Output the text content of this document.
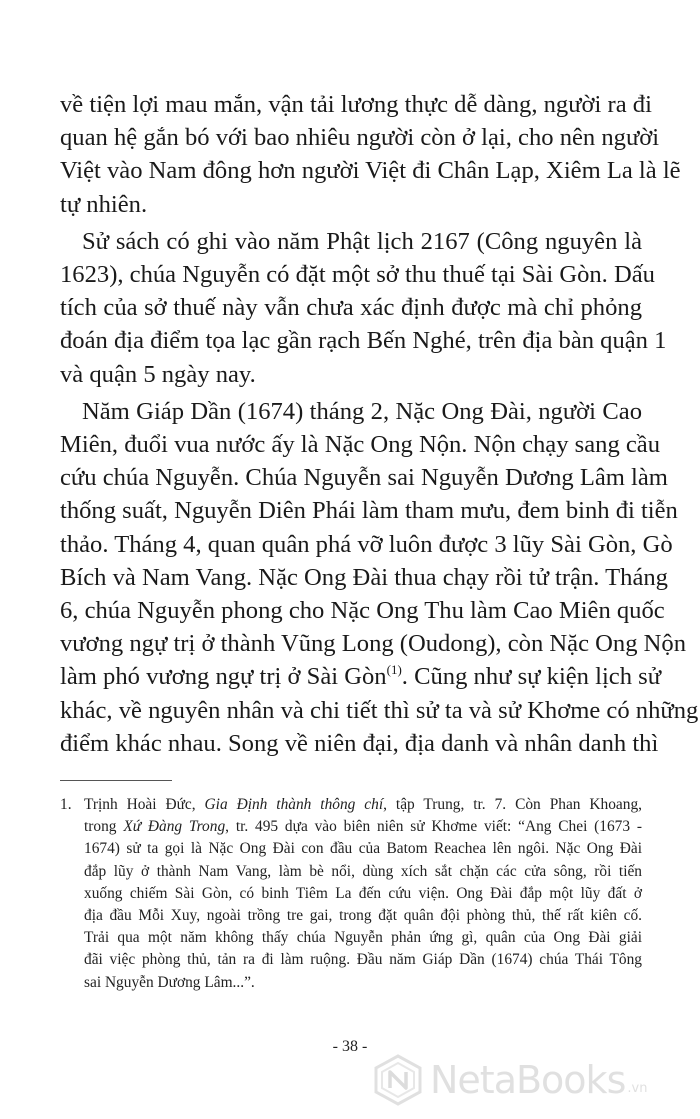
về tiện lợi mau mắn, vận tải lương thực dễ dàng, người ra đi
quan hệ gắn bó với bao nhiêu người còn ở lại, cho nên người
Việt vào Nam đông hơn người Việt đi Chân Lạp, Xiêm La là lẽ
tự nhiên.
Sử sách có ghi vào năm Phật lịch 2167 (Công nguyên là
1623), chúa Nguyễn có đặt một sở thu thuế tại Sài Gòn. Dấu
tích của sở thuế này vẫn chưa xác định được mà chỉ phỏng
đoán địa điểm tọa lạc gần rạch Bến Nghé, trên địa bàn quận 1
và quận 5 ngày nay.
Năm Giáp Dần (1674) tháng 2, Nặc Ong Đài, người Cao
Miên, đuổi vua nước ấy là Nặc Ong Nộn. Nộn chạy sang cầu
cứu chúa Nguyễn. Chúa Nguyễn sai Nguyễn Dương Lâm làm
thống suất, Nguyễn Diên Phái làm tham mưu, đem binh đi tiễn
thảo. Tháng 4, quan quân phá vỡ luôn được 3 lũy Sài Gòn, Gò
Bích và Nam Vang. Nặc Ong Đài thua chạy rồi tử trận. Tháng
6, chúa Nguyễn phong cho Nặc Ong Thu làm Cao Miên quốc
vương ngự trị ở thành Vũng Long (Oudong), còn Nặc Ong Nộn
làm phó vương ngự trị ở Sài Gòn$^{(1)}$. Cũng như sự kiện lịch sử
khác, về nguyên nhân và chi tiết thì sử ta và sử Khơme có những
điểm khác nhau. Song về niên đại, địa danh và nhân danh thì
1. Trịnh Hoài Đức, Gia Định thành thông chí, tập Trung, tr. 7. Còn Phan Khoang,
trong Xứ Đàng Trong, tr. 495 dựa vào biên niên sử Khơme viết: “Ang Chei (1673 -
1674) sử ta gọi là Nặc Ong Đài con đầu của Batom Reachea lên ngôi. Nặc Ong Đài
đắp lũy ở thành Nam Vang, làm bè nổi, dùng xích sắt chặn các cửa sông, rồi tiến
xuống chiếm Sài Gòn, có binh Tiêm La đến cứu viện. Ong Đài đắp một lũy đất ở
địa đầu Mỗi Xuy, ngoài trồng tre gai, trong đặt quân đội phòng thủ, thế rất kiên cố.
Trải qua một năm không thấy chúa Nguyễn phản ứng gì, quân của Ong Đài giải
đãi việc phòng thủ, tản ra đi làm ruộng. Đầu năm Giáp Dần (1674) chúa Thái Tông
sai Nguyễn Dương Lâm...”.
- 38 -
NetaBooks .vn
